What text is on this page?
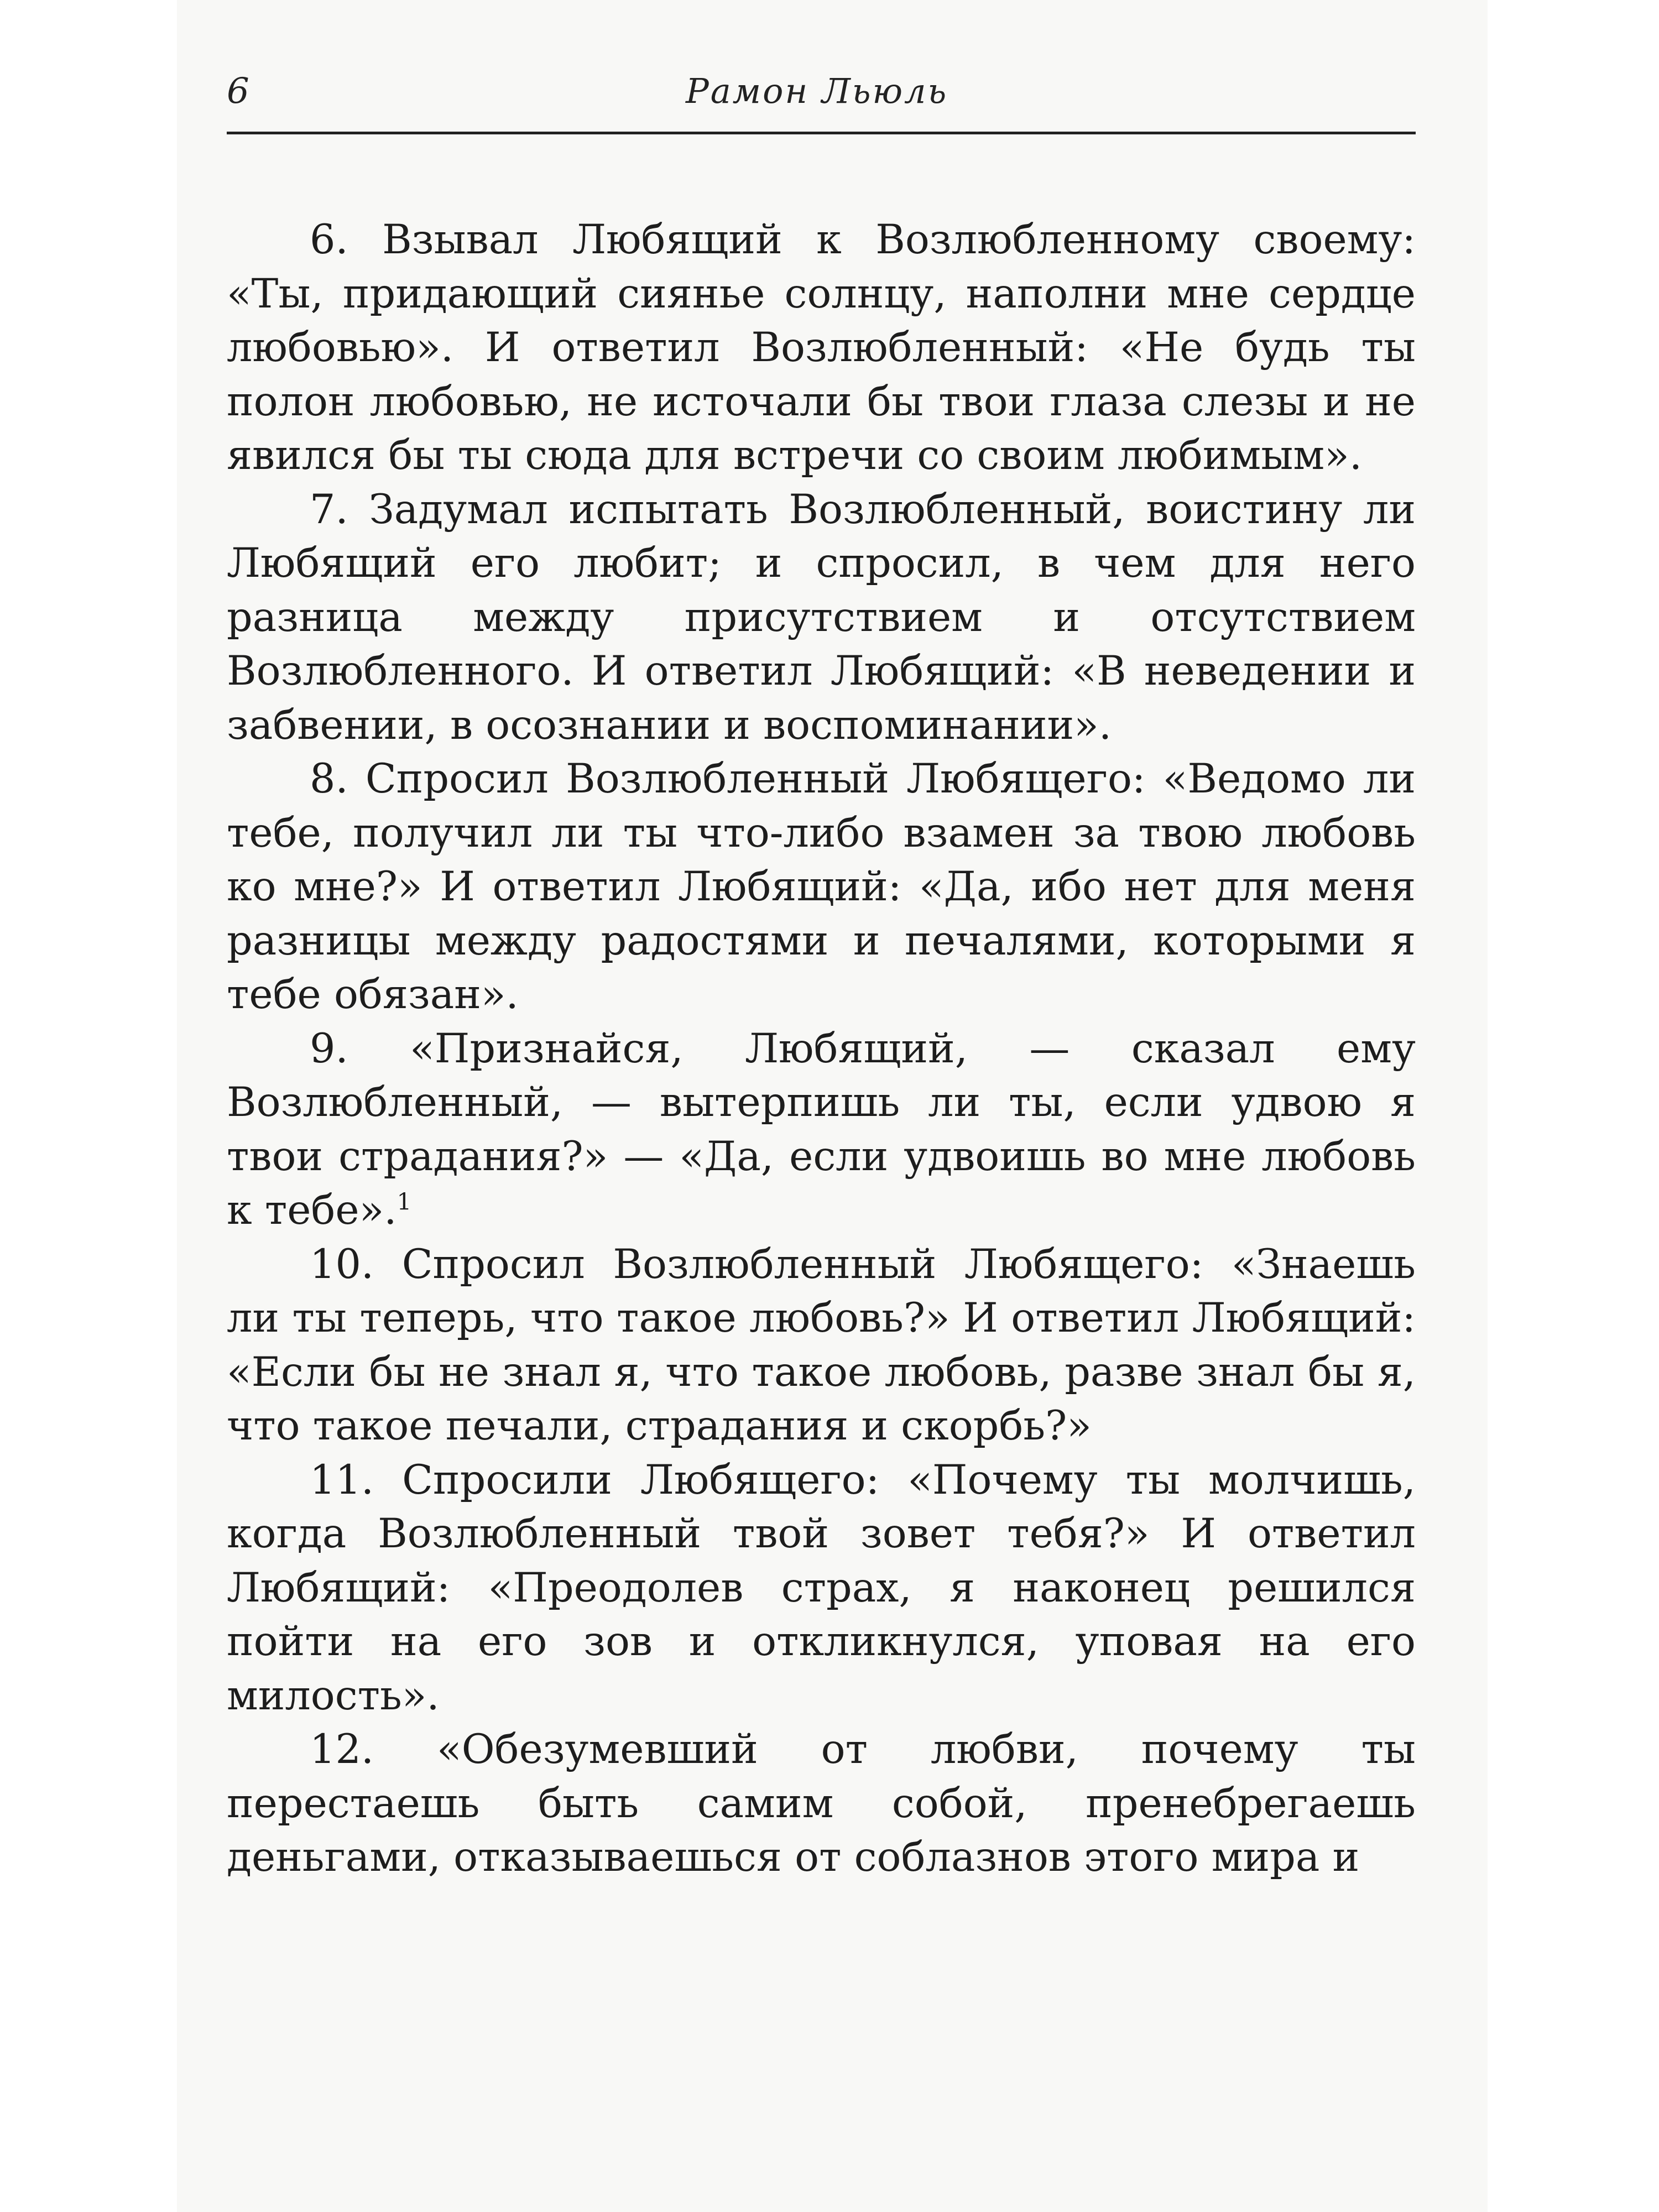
6	Рамон Льюль

6. Взывал Любящий к Возлюбленному своему: «Ты, придающий сиянье солнцу, наполни мне сердце любовью». И ответил Возлюбленный: «Не будь ты полон любовью, не источали бы твои глаза слезы и не явился бы ты сюда для встречи со своим любимым».

7. Задумал испытать Возлюбленный, воистину ли Любящий его любит; и спросил, в чем для него разница между присутствием и отсутствием Возлюбленного. И ответил Любящий: «В неведении и забвении, в осознании и воспоминании».

8. Спросил Возлюбленный Любящего: «Ведомо ли тебе, получил ли ты что-либо взамен за твою любовь ко мне?» И ответил Любящий: «Да, ибо нет для меня разницы между радостями и печалями, которыми я тебе обязан».

9. «Признайся, Любящий, — сказал ему Возлюбленный, — вытерпишь ли ты, если удвою я твои страдания?» — «Да, если удвоишь во мне любовь к тебе».$^1$

10. Спросил Возлюбленный Любящего: «Знаешь ли ты теперь, что такое любовь?» И ответил Любящий: «Если бы не знал я, что такое любовь, разве знал бы я, что такое печали, страдания и скорбь?»

11. Спросили Любящего: «Почему ты молчишь, когда Возлюбленный твой зовет тебя?» И ответил Любящий: «Преодолев страх, я наконец решился пойти на его зов и откликнулся, уповая на его милость».

12. «Обезумевший от любви, почему ты перестаешь быть самим собой, пренебрегаешь деньгами, отказываешься от соблазнов этого мира и
